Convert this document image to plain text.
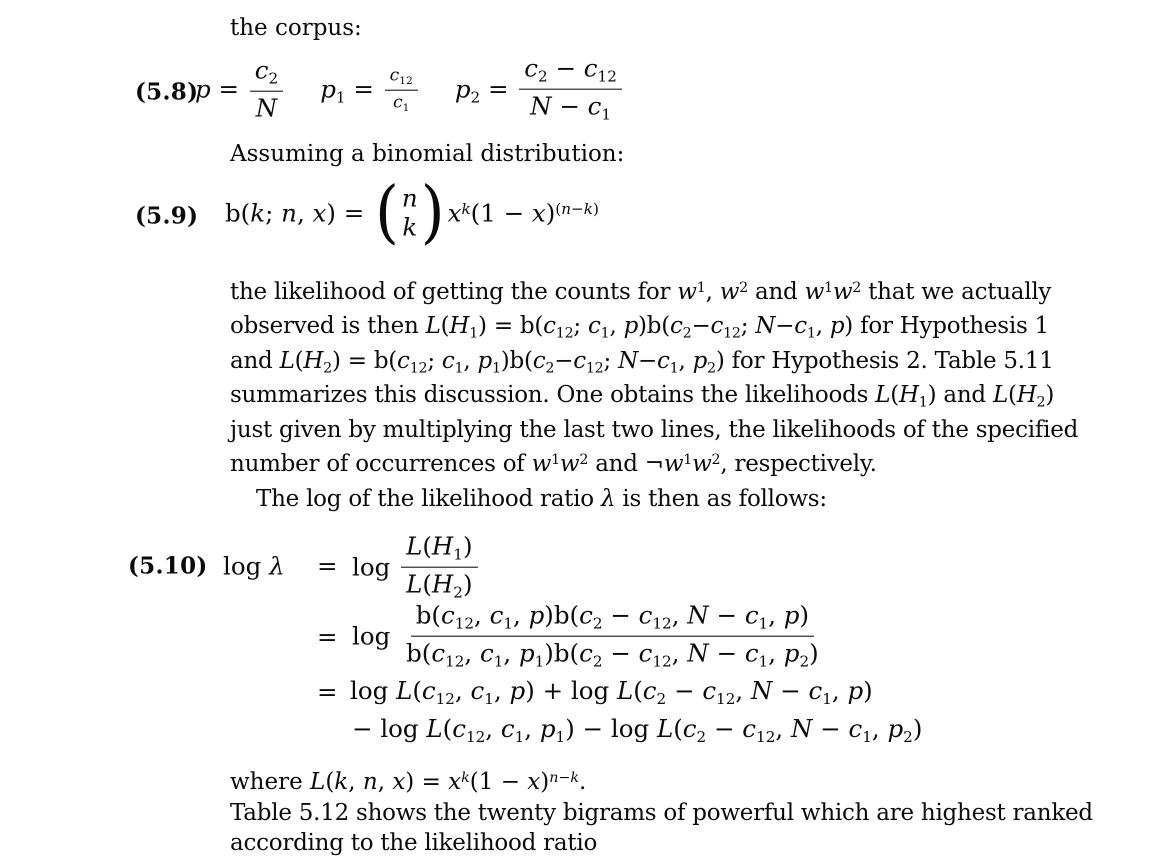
the corpus:
(5.8)
$p = \frac{c_2}{N} p_1 = \frac{c_{12}}{c_1} p_2 = \frac{c_2 - c_{12}}{N - c_1}$
Assuming a binomial distribution:
(5.9) b(k; n, x) = ( n
k ) $x^k(1 - x)^{(n-k)}$
the likelihood of getting the counts for $w^1$, $w^2$ and $w^1w^2$ that we actually
observed is then $L(H_1) = b(c_{12}$; $c_1$, $p)b(c_2-c_{12}$; $N-c_1$, p) for Hypothesis 1
and $L(H_2) = b(c_{12}$; $c_1$, $p_1)b(c_2-c_{12}$; $N-c_1$, $p_2$) for Hypothesis 2. Table 5.11
summarizes this discussion. One obtains the likelihoods $L(H_1)$ and $L(H_2)$
just given by multiplying the last two lines, the likelihoods of the specified
number of occurrences of $w^1w^2$ and $\neg w^1w^2$, respectively.
The log of the likelihood ratio λ is then as follows:
(5.10) log λ =
=
=
$\log \frac{L(H_1)}{L(H_2)}$
$\log \frac{b(c_{12}, c_1, p)b(c_2 - c_{12}, N - c_1, p)}{b(c_{12}, c_1, p_1)b(c_2 - c_{12}, N - c_1, p_2)}$
$\log L(c_{12}$, $c_1$, $p) + \log L(c_2 - c_{12}$, $N - c_1$, p)
− $\log L(c_{12}$, $c_1$, $p_1) - \log L(c_2 - c_{12}$, $N - c_1$, $p_2$)
where L(k, n, $x) = x^k(1 - x)^{n-k}$.
Table 5.12 shows the twenty bigrams of powerful which are highest ranked according to the likelihood ratio
